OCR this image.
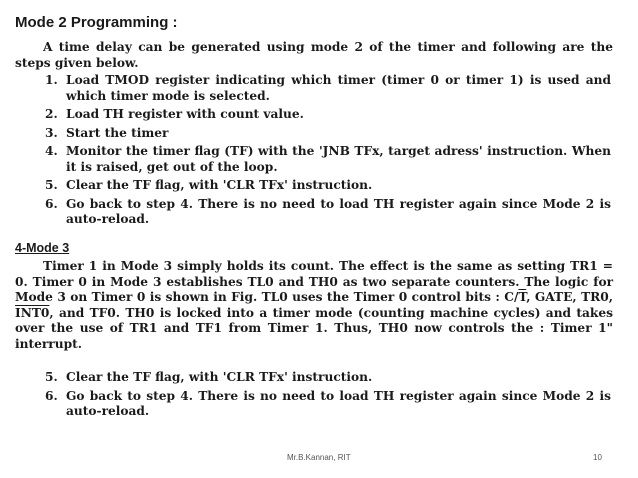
Mode 2 Programming :
A time delay can be generated using mode 2 of the timer and following are the steps given below.
1. Load TMOD register indicating which timer (timer 0 or timer 1) is used and which timer mode is selected.
2. Load TH register with count value.
3. Start the timer
4. Monitor the timer flag (TF) with the 'JNB TFx, target adress' instruction. When it is raised, get out of the loop.
5. Clear the TF flag, with 'CLR TFx' instruction.
6. Go back to step 4. There is no need to load TH register again since Mode 2 is auto-reload.
4-Mode 3
Timer 1 in Mode 3 simply holds its count. The effect is the same as setting TR1 = 0. Timer 0 in Mode 3 establishes TL0 and TH0 as two separate counters. The logic for Mode 3 on Timer 0 is shown in Fig. TL0 uses the Timer 0 control bits : $C/\overline{T}$, GATE, TR0, INT0, and TF0. TH0 is locked into a timer mode (counting machine cycles) and takes over the use of TR1 and TF1 from Timer 1. Thus, TH0 now controls the : Timer 1" interrupt.
5. Clear the TF flag, with 'CLR TFx' instruction.
6. Go back to step 4. There is no need to load TH register again since Mode 2 is auto-reload.
Mr.B.Kannan, RIT	10
